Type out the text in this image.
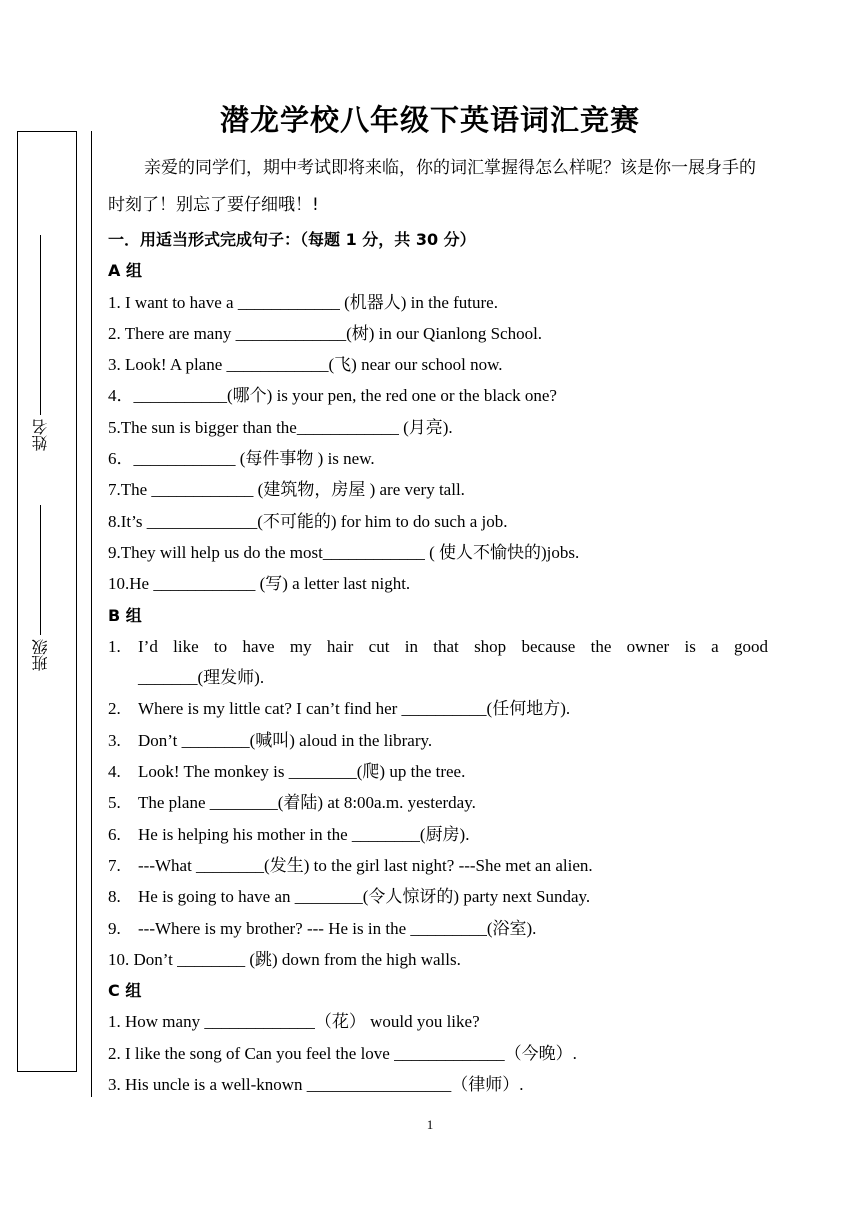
姓名
班级
潜龙学校八年级下英语词汇竞赛
亲爱的同学们，期中考试即将来临，你的词汇掌握得怎么样呢？该是你一展身手的时刻了！别忘了要仔细哦！!
一．用适当形式完成句子：（每题 1 分，共 30 分）
A 组
1. I want to have a ____________ (机器人) in the future.
2. There are many _____________(树) in our Qianlong School.
3. Look! A plane ____________(飞) near our school now.
4．___________(哪个) is your pen, the red one or the black one?
5.The sun is bigger than the____________ (月亮).
6．____________ (每件事物 ) is new.
7.The ____________ (建筑物，房屋 ) are very tall.
8.It’s _____________(不可能的) for him to do such a job.
9.They will help us do the most____________ ( 使人不愉快的)jobs.
10.He ____________ (写) a letter last night.
B 组
1.	I’d like to have my hair cut in that shop because the owner is a good
_______(理发师).
2.	Where is my little cat? I can’t find her __________(任何地方).
3.	Don’t ________(喊叫) aloud in the library.
4.	Look! The monkey is ________(爬) up the tree.
5.	The plane ________(着陆) at 8:00a.m. yesterday.
6.	He is helping his mother in the ________(厨房).
7.	---What ________(发生) to the girl last night? ---She met an alien.
8.	He is going to have an ________(令人惊讶的) party next Sunday.
9.	---Where is my brother? --- He is in the _________(浴室).
10. Don’t ________ (跳) down from the high walls.
C 组
1. How many _____________（花） would you like?
2. I like the song of Can you feel the love _____________（今晚）.
3. His uncle is a well-known _________________（律师）.
1
